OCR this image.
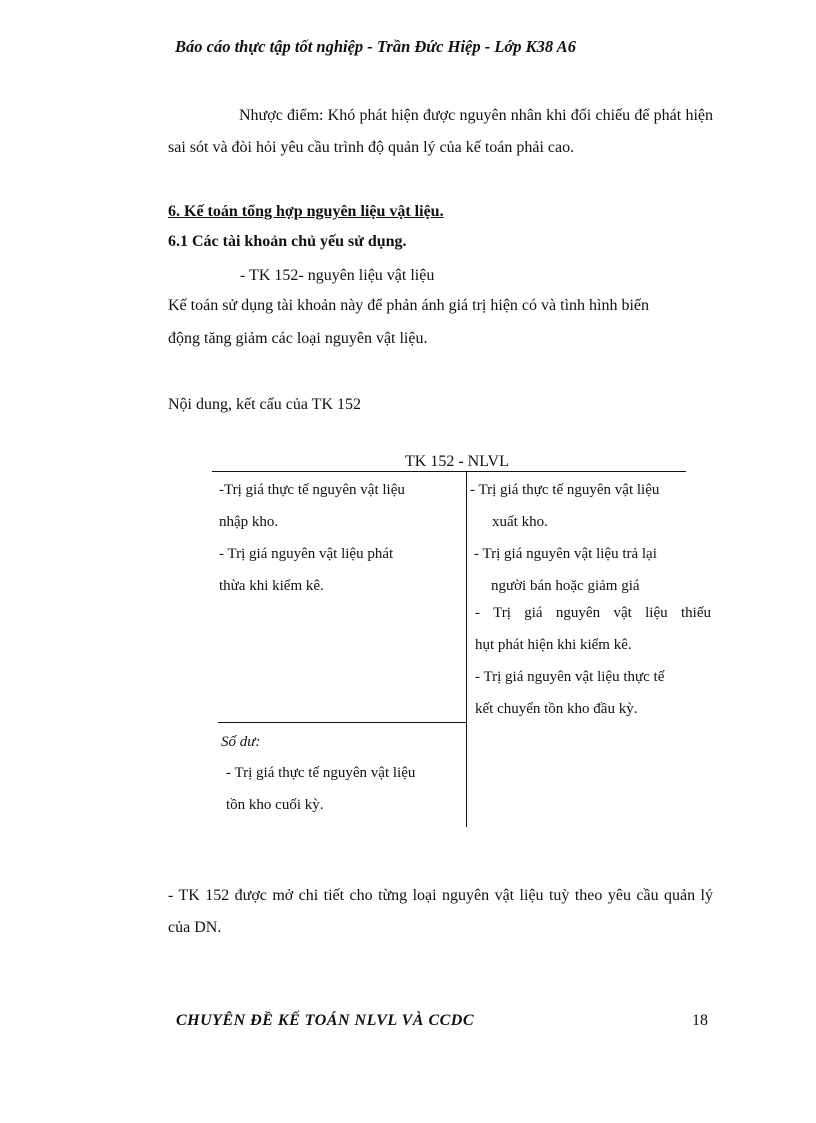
Báo cáo thực tập tốt nghiệp - Trần Đức Hiệp - Lớp K38 A6
Nhược điểm: Khó phát hiện được nguyên nhân khi đối chiếu để phát hiện sai sót và đòi hỏi yêu cầu trình độ quản lý của kế toán phải cao.
6. Kế toán tổng hợp nguyên liệu vật liệu.
6.1 Các tài khoản chủ yếu sử dụng.
- TK 152- nguyên liệu vật liệu
Kế toán sử dụng tài khoản này để phản ánh giá trị hiện có và tình hình biến
động tăng giảm các loại nguyên vật liệu.
Nội dung, kết cấu của TK 152
TK 152 - NLVL
-Trị giá thực tế nguyên vật liệu
nhập kho.
- Trị giá nguyên vật liệu phát
thừa khi kiểm kê.
- Trị giá thực tế nguyên vật liệu
xuất kho.
- Trị giá nguyên vật liệu trả lại
người bán hoặc giảm giá
- Trị giá nguyên vật liệu thiếu
hụt phát hiện khi kiểm kê.
- Trị giá nguyên vật liệu thực tế
kết chuyển tồn kho đầu kỳ.
Số dư:
- Trị giá thực tế nguyên vật liệu
tồn kho cuối kỳ.
- TK 152 được mở chi tiết cho từng loại nguyên vật liệu tuỳ theo yêu cầu quản lý của DN.
CHUYÊN ĐỀ KẾ TOÁN NLVL VÀ CCDC	18
